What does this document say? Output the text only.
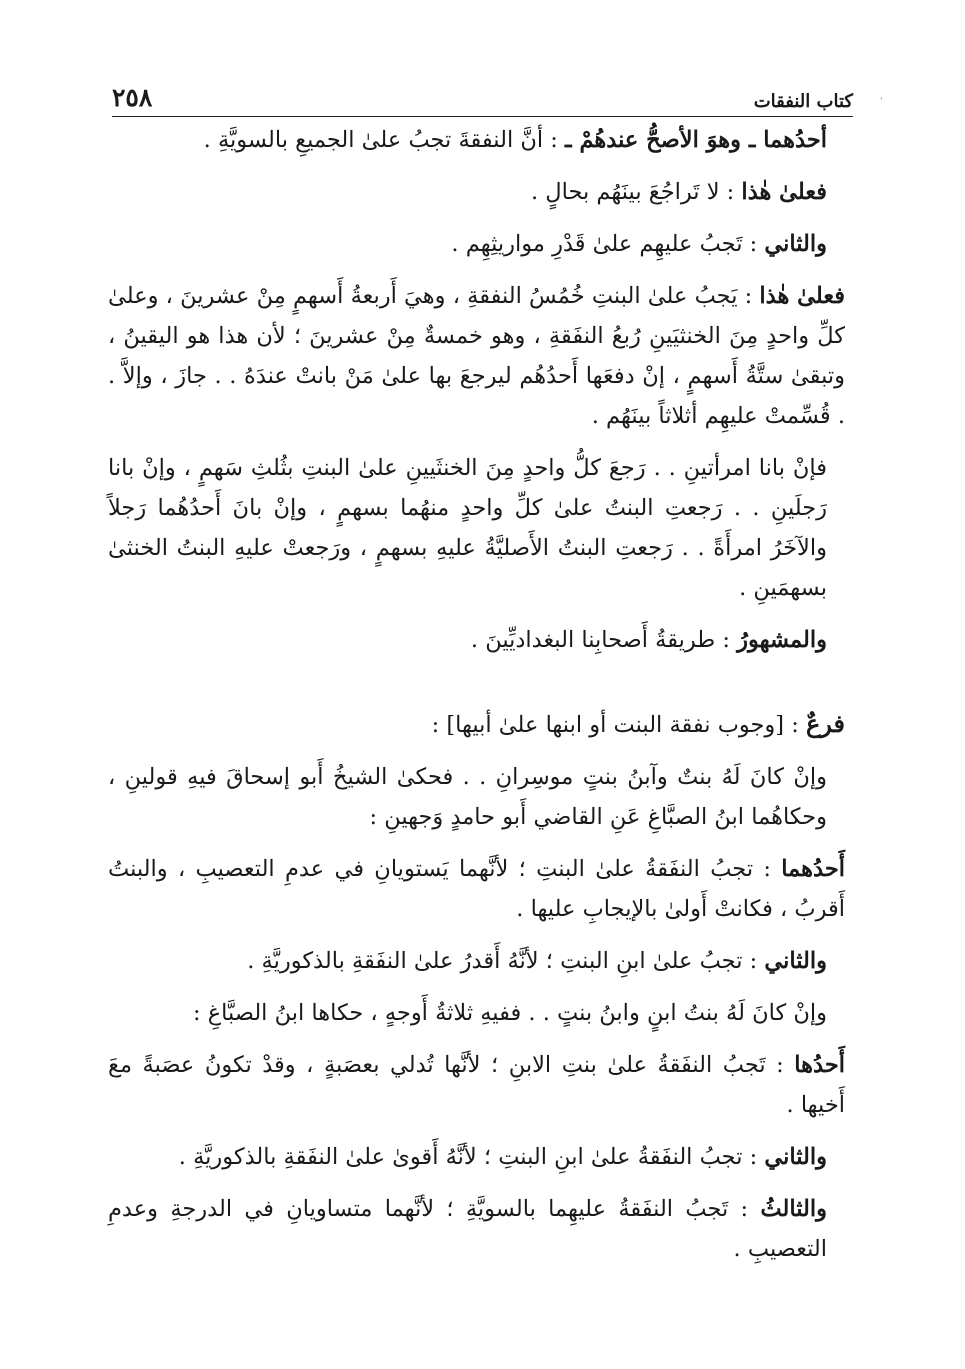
كتاب النفقات
٢٥٨	·

أحدُهما ـ وهوَ الأصحُّ عندهُمْ ـ : أنَّ النفقةَ تجبُ علىٰ الجميعِ بالسويَّةِ .

فعلىٰ هٰذا : لا تَراجُعَ بينَهُم بحالٍ .

والثاني : تَجبُ عليهِم علىٰ قَدْرِ مواريثِهِم .

فعلىٰ هٰذا : يَجبُ علىٰ البنتِ خُمُسُ النفقةِ ، وهيَ أَربعةُ أَسهمٍ مِنْ عشرينَ ، وعلىٰ كلِّ واحدٍ مِنَ الخنثيَينِ رُبعُ النفَقةِ ، وهو خمسةٌ مِنْ عشرينَ ؛ لأن هذا هو اليقينُ ، وتبقىٰ ستَّةُ أَسهمٍ ، إنْ دفعَها أَحدُهُم ليرجعَ بها علىٰ مَنْ بانتْ عندَهُ . . جازَ ، وإلاَّ . . قُسِّمتْ عليهِم أثلاثاً بينَهُم .

فإنْ بانا امرأتينِ . . رَجعَ كلُّ واحدٍ مِنَ الخنثَيينِ علىٰ البنتِ بثُلثِ سَهمٍ ، وإنْ بانا رَجلَينِ . . رَجعتِ البنتُ علىٰ كلِّ واحدٍ منهُما بسهمٍ ، وإنْ بانَ أَحدُهُما رَجلاً والآخَرُ امرأَةً . . رَجعتِ البنتُ الأَصليَّةُ عليهِ بسهمٍ ، ورَجعتْ عليهِ البنتُ الخنثىٰ بسهمَينِ .

والمشهورُ : طريقةُ أَصحابِنا البغداديِّينَ .

فرعٌ : [وجوب نفقة البنت أو ابنها علىٰ أبيها] :

وإنْ كانَ لَهُ بنتٌ وآبنُ بنتٍ موسِرانِ . . فحكىٰ الشيخُ أَبو إسحاقَ فيهِ قولينِ ، وحكاهُما ابنُ الصبَّاغِ عَنِ القاضي أَبو حامدٍ وَجهينِ :

أَحدُهما : تجبُ النفَقةُ علىٰ البنتِ ؛ لأنَّهما يَستويانِ في عدمِ التعصيبِ ، والبنتُ أَقربُ ، فكانتْ أَولىٰ بالإيجابِ عليها .

والثاني : تجبُ علىٰ ابنِ البنتِ ؛ لأنَّهُ أَقدرُ علىٰ النفَقةِ بالذكوريَّةِ .

وإنْ كانَ لَهُ بنتُ ابنٍ وابنُ بنتٍ . . ففيهِ ثلاثةُ أَوجهٍ ، حكاها ابنُ الصبَّاغِ :

أَحدُها : تَجبُ النفَقةُ علىٰ بنتِ الابنِ ؛ لأنَّها تُدلي بعصَبةٍ ، وقدْ تكونُ عصَبةً معَ أَخيها .

والثاني : تجبُ النفَقةُ علىٰ ابنِ البنتِ ؛ لأنَّهُ أَقوىٰ علىٰ النفَقةِ بالذكوريَّةِ .

والثالثُ : تَجبُ النفَقةُ عليهِما بالسويَّةِ ؛ لأنَّهما متساويانِ في الدرجةِ وعدمِ التعصيبِ .
